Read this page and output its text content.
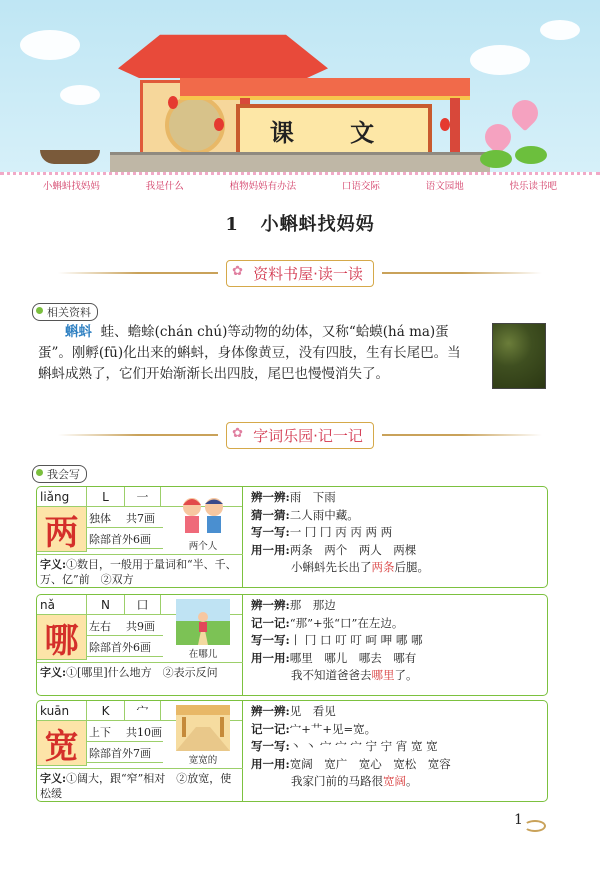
课 文
小蝌蚪找妈妈	我是什么	植物妈妈有办法	口语交际	语文园地	快乐读书吧
1 小蝌蚪找妈妈
✿ 资料书屋·读一读
相关资料
蝌蚪 蛙、蟾蜍(chán chú)等动物的幼体，又称“蛤蟆(há ma)蛋蛋”。刚孵(fū)化出来的蝌蚪，身体像黄豆，没有四肢，生有长尾巴。当蝌蚪成熟了，它们开始渐渐长出四肢，尾巴也慢慢消失了。
✿ 字词乐园·记一记
我会写
liǎng	L	一
两 独体	共7画
除部首外6画
两个人
字义:①数目，一般用于量词和“半、千、万、亿”前　②双方
辨一辨:雨　下雨
猜一猜:二人雨中藏。
写一写:一 冂 冂 丙 丙 两 两
用一用:两条　两个　两人　两棵
小蝌蚪先长出了两条后腿。
nǎ	N	口
哪 左右	共9画
除部首外6画
在哪儿
字义:①[哪里]什么地方　②表示反问
辨一辨:那　那边
记一记:“那”+张“口”在左边。
写一写:丨 冂 口 叮 叮 呵 呷 哪 哪
用一用:哪里　哪儿　哪去　哪有
我不知道爸爸去哪里了。
kuān	K	宀
宽 上下	共10画
除部首外7画
宽宽的
字义:①阔大，跟“窄”相对　②放宽，使松缓
辨一辨:见　看见
记一记:宀+艹+见=宽。
写一写:丶 丶 宀 宀 宀 宁 宁 宵 宽 宽
用一用:宽阔　宽广　宽心　宽松　宽容
我家门前的马路很宽阔。
1
